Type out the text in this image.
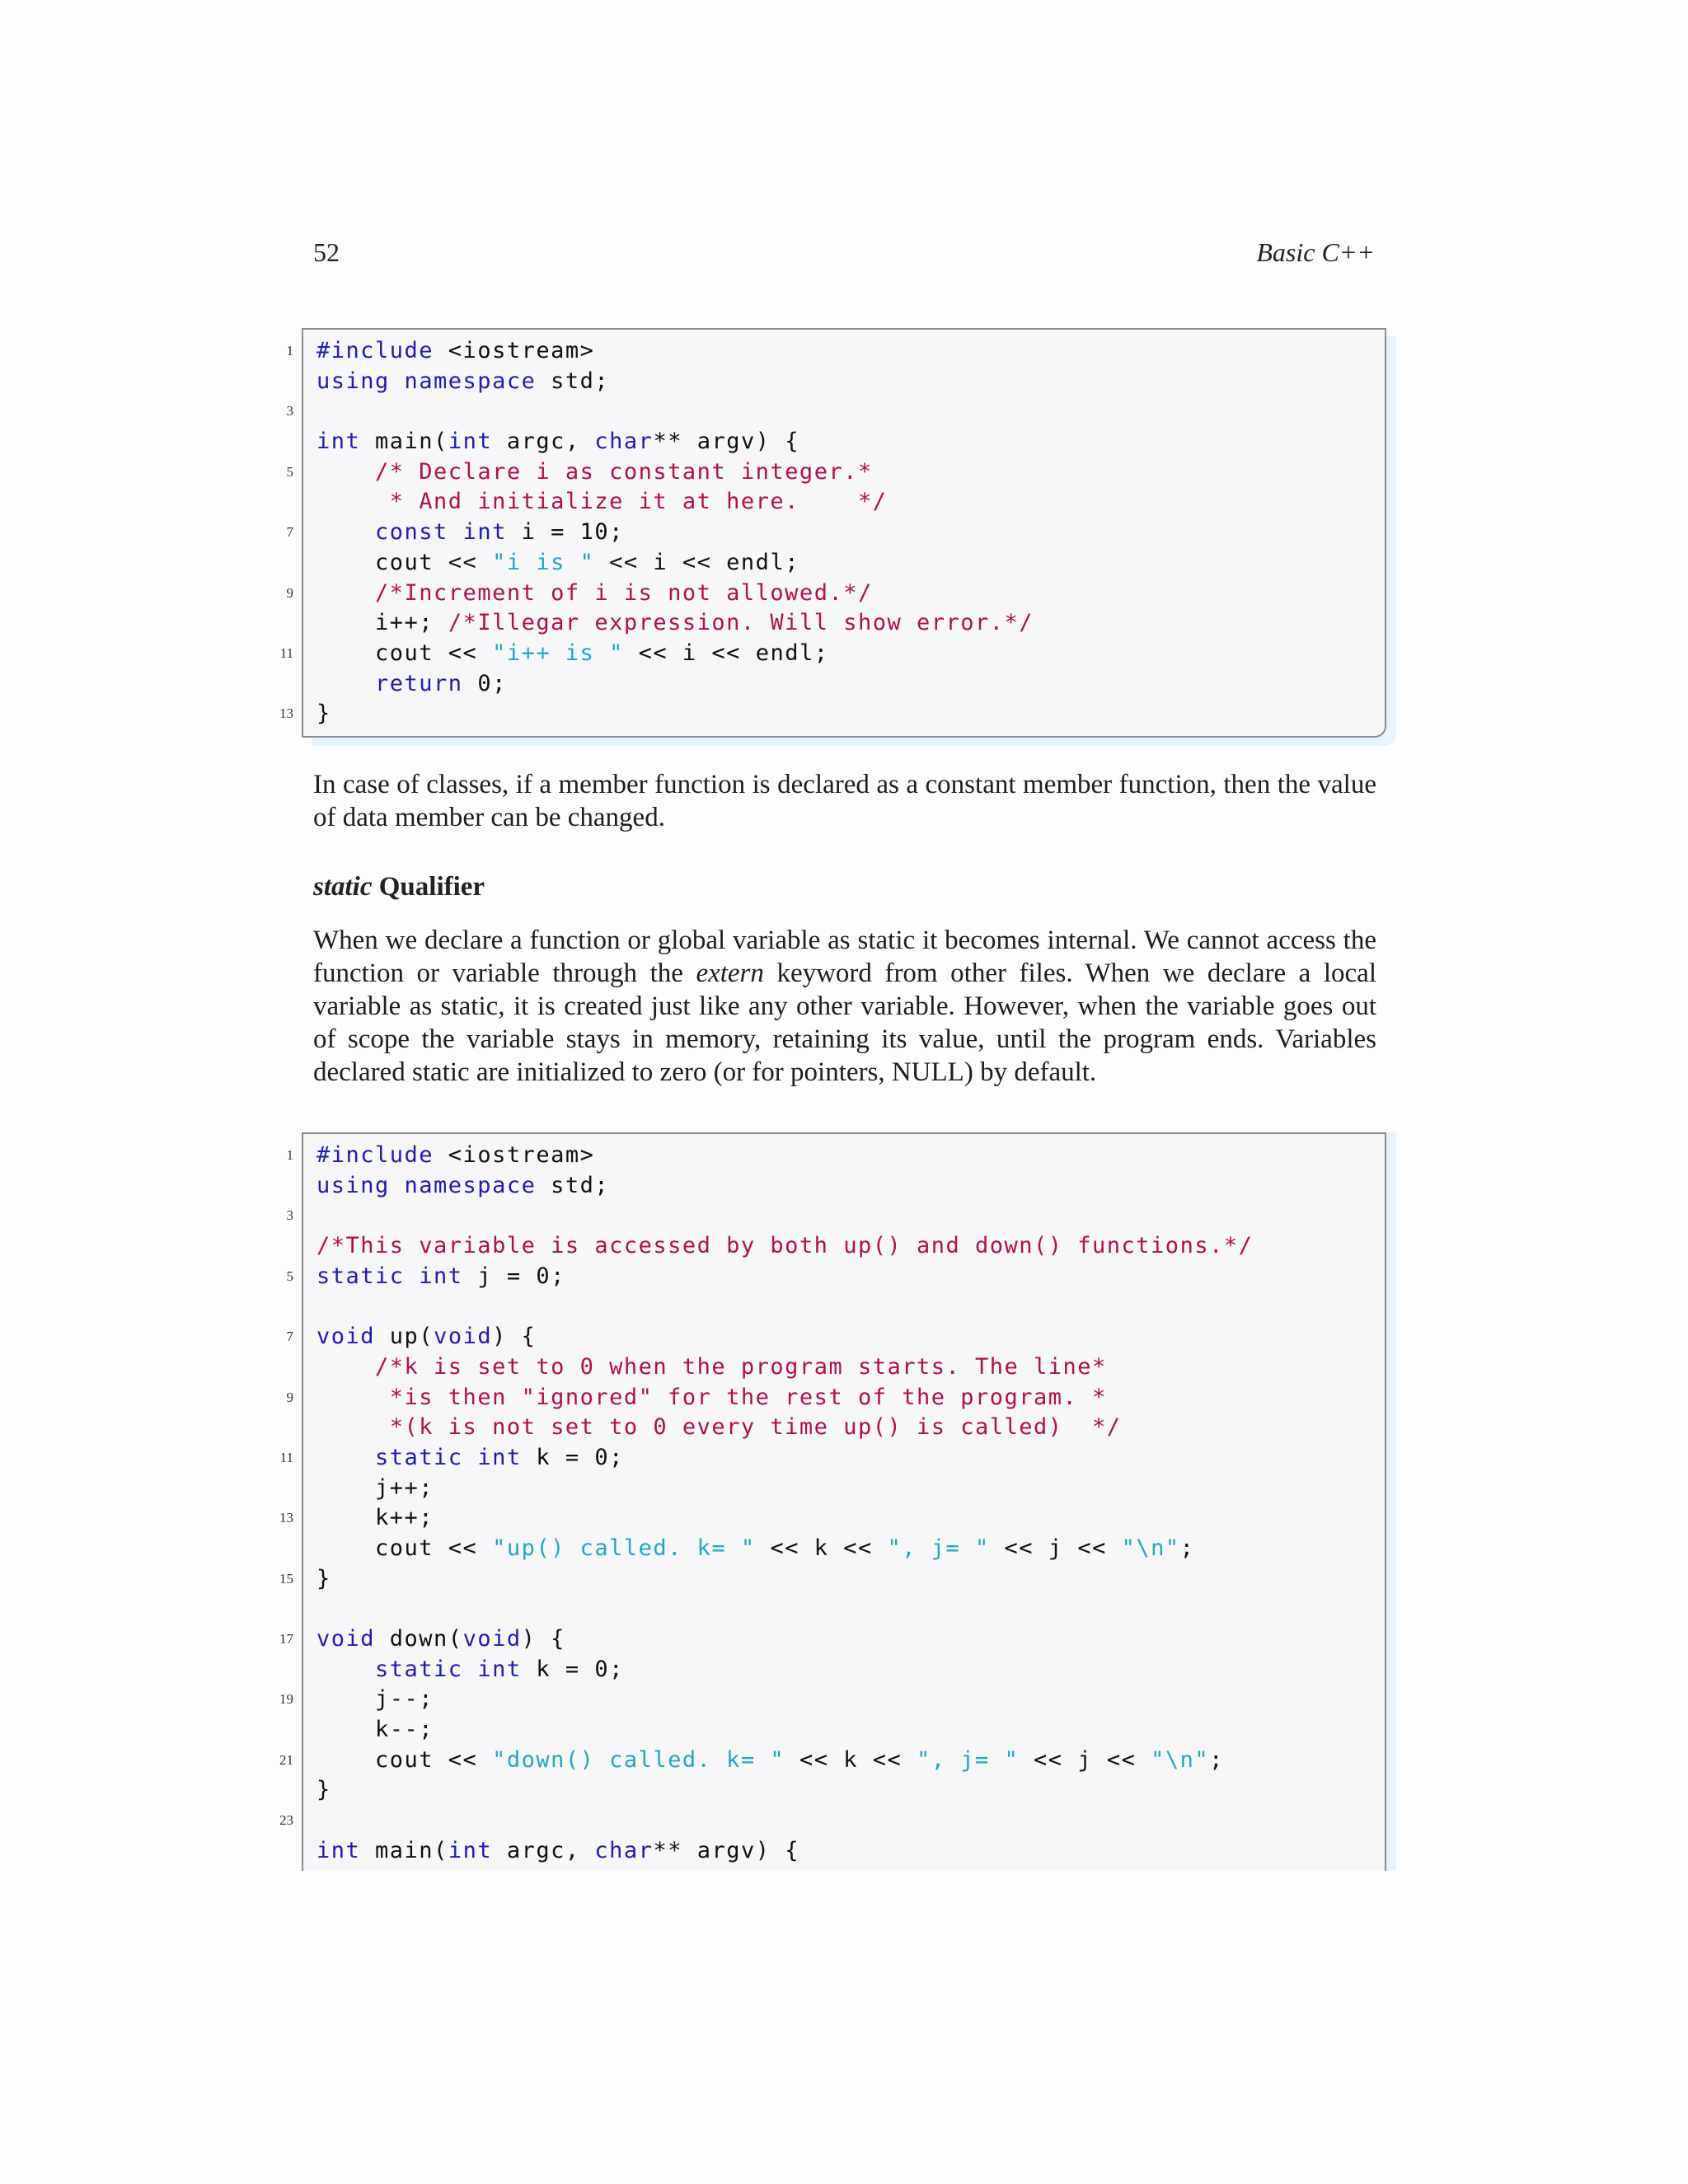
52	Basic C++
1 #include <iostream>
using namespace std;
3
int main(int argc, char** argv) {
5	/* Declare i as constant integer.*
* And initialize it at here.    */
7	const int i = 10;
cout << "i is " << i << endl;
9	/*Increment of i is not allowed.*/
i++; /*Illegar expression. Will show error.*/
11 cout << "i++ is " << i << endl;
return 0;
13 }
In case of classes, if a member function is declared as a constant member function, then the value of data member can be changed.
static Qualifier
When we declare a function or global variable as static it becomes internal. We cannot access the function or variable through the extern keyword from other files. When we declare a local variable as static, it is created just like any other variable. However, when the variable goes out of scope the variable stays in memory, retaining its value, until the program ends. Variables declared static are initialized to zero (or for pointers, NULL) by default.
1 #include <iostream>
using namespace std;
3
/*This variable is accessed by both up() and down() functions.*/
5 static int j = 0;
7 void up(void) {
/*k is set to 0 when the program starts. The line*
9	*is then "ignored" for the rest of the program. *
*(k is not set to 0 every time up() is called)  */
11	static int k = 0;
j++;
13 k++;
cout << "up() called. k= " << k << ", j= " << j << "\n";
15 }
17 void down(void) {
static int k = 0;
19 j--;
k--;
21 cout << "down() called. k= " << k << ", j= " << j << "\n";
}
23
int main(int argc, char** argv) {
